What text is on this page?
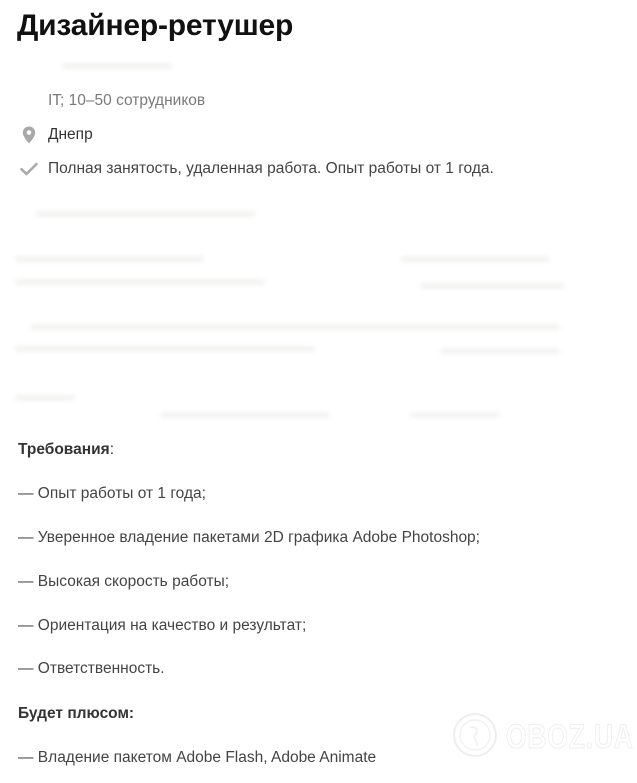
Дизайнер-ретушер
IT; 10–50 сотрудников
Днепр
Полная занятость, удаленная работа. Опыт работы от 1 года.
Требования:
— Опыт работы от 1 года;
— Уверенное владение пакетами 2D графика Adobe Photoshop;
— Высокая скорость работы;
— Ориентация на качество и результат;
— Ответственность.
Будет плюсом:
— Владение пакетом Adobe Flash, Adobe Animate
OBOZ.UA
